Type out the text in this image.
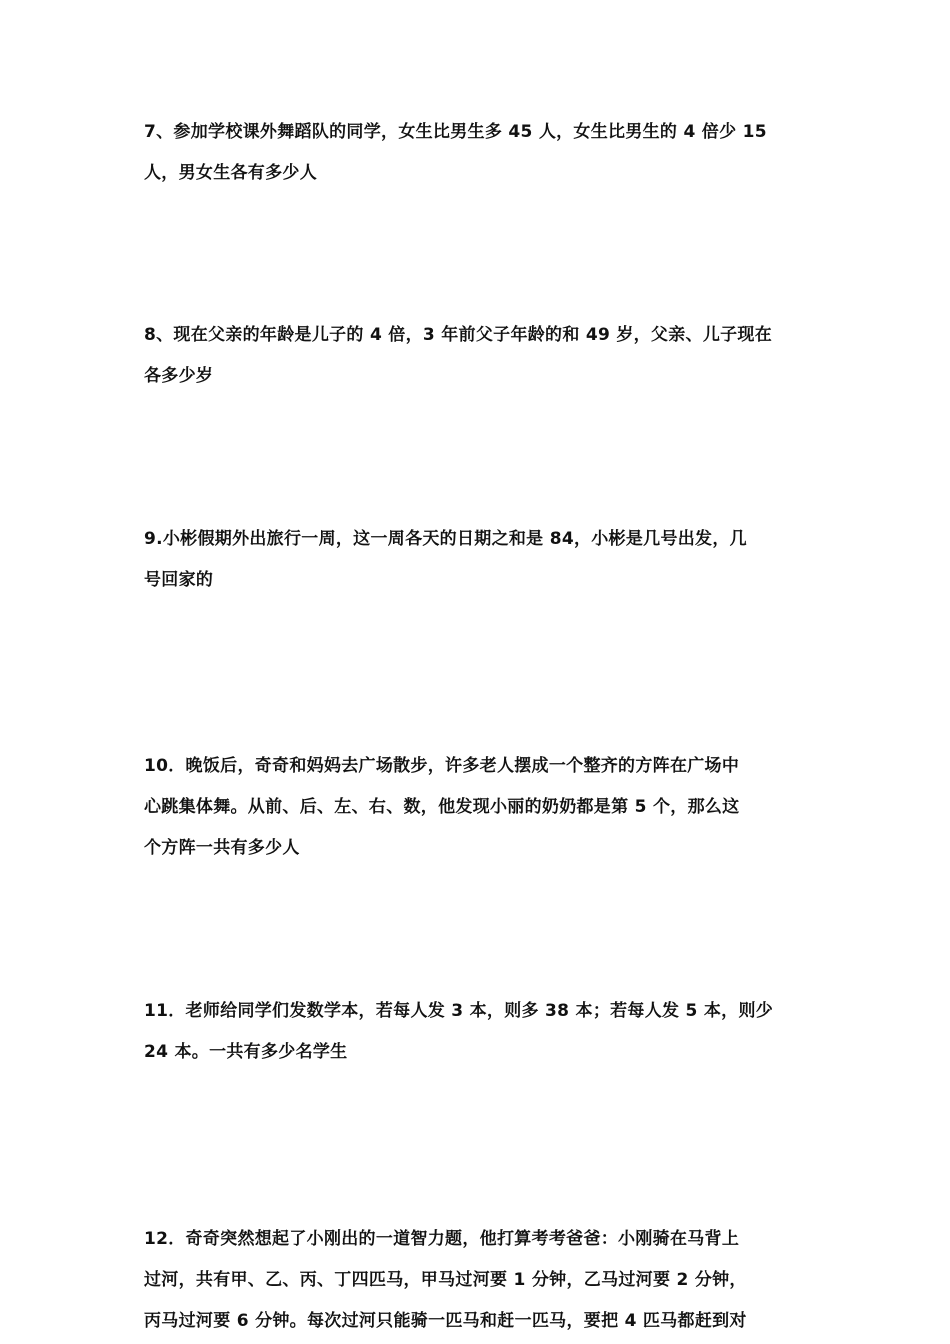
7、参加学校课外舞蹈队的同学，女生比男生多 45 人，女生比男生的 4 倍少 15
人，男女生各有多少人
8、现在父亲的年龄是儿子的 4 倍，3 年前父子年龄的和 49 岁，父亲、儿子现在
各多少岁
9.小彬假期外出旅行一周，这一周各天的日期之和是 84，小彬是几号出发，几
号回家的
10．晚饭后，奇奇和妈妈去广场散步，许多老人摆成一个整齐的方阵在广场中
心跳集体舞。从前、后、左、右、数，他发现小丽的奶奶都是第 5 个，那么这
个方阵一共有多少人
11．老师给同学们发数学本，若每人发 3 本，则多 38 本；若每人发 5 本，则少
24 本。一共有多少名学生
12．奇奇突然想起了小刚出的一道智力题，他打算考考爸爸：小刚骑在马背上
过河，共有甲、乙、丙、丁四匹马，甲马过河要 1 分钟，乙马过河要 2 分钟，
丙马过河要 6 分钟。每次过河只能骑一匹马和赶一匹马，要把 4 匹马都赶到对
